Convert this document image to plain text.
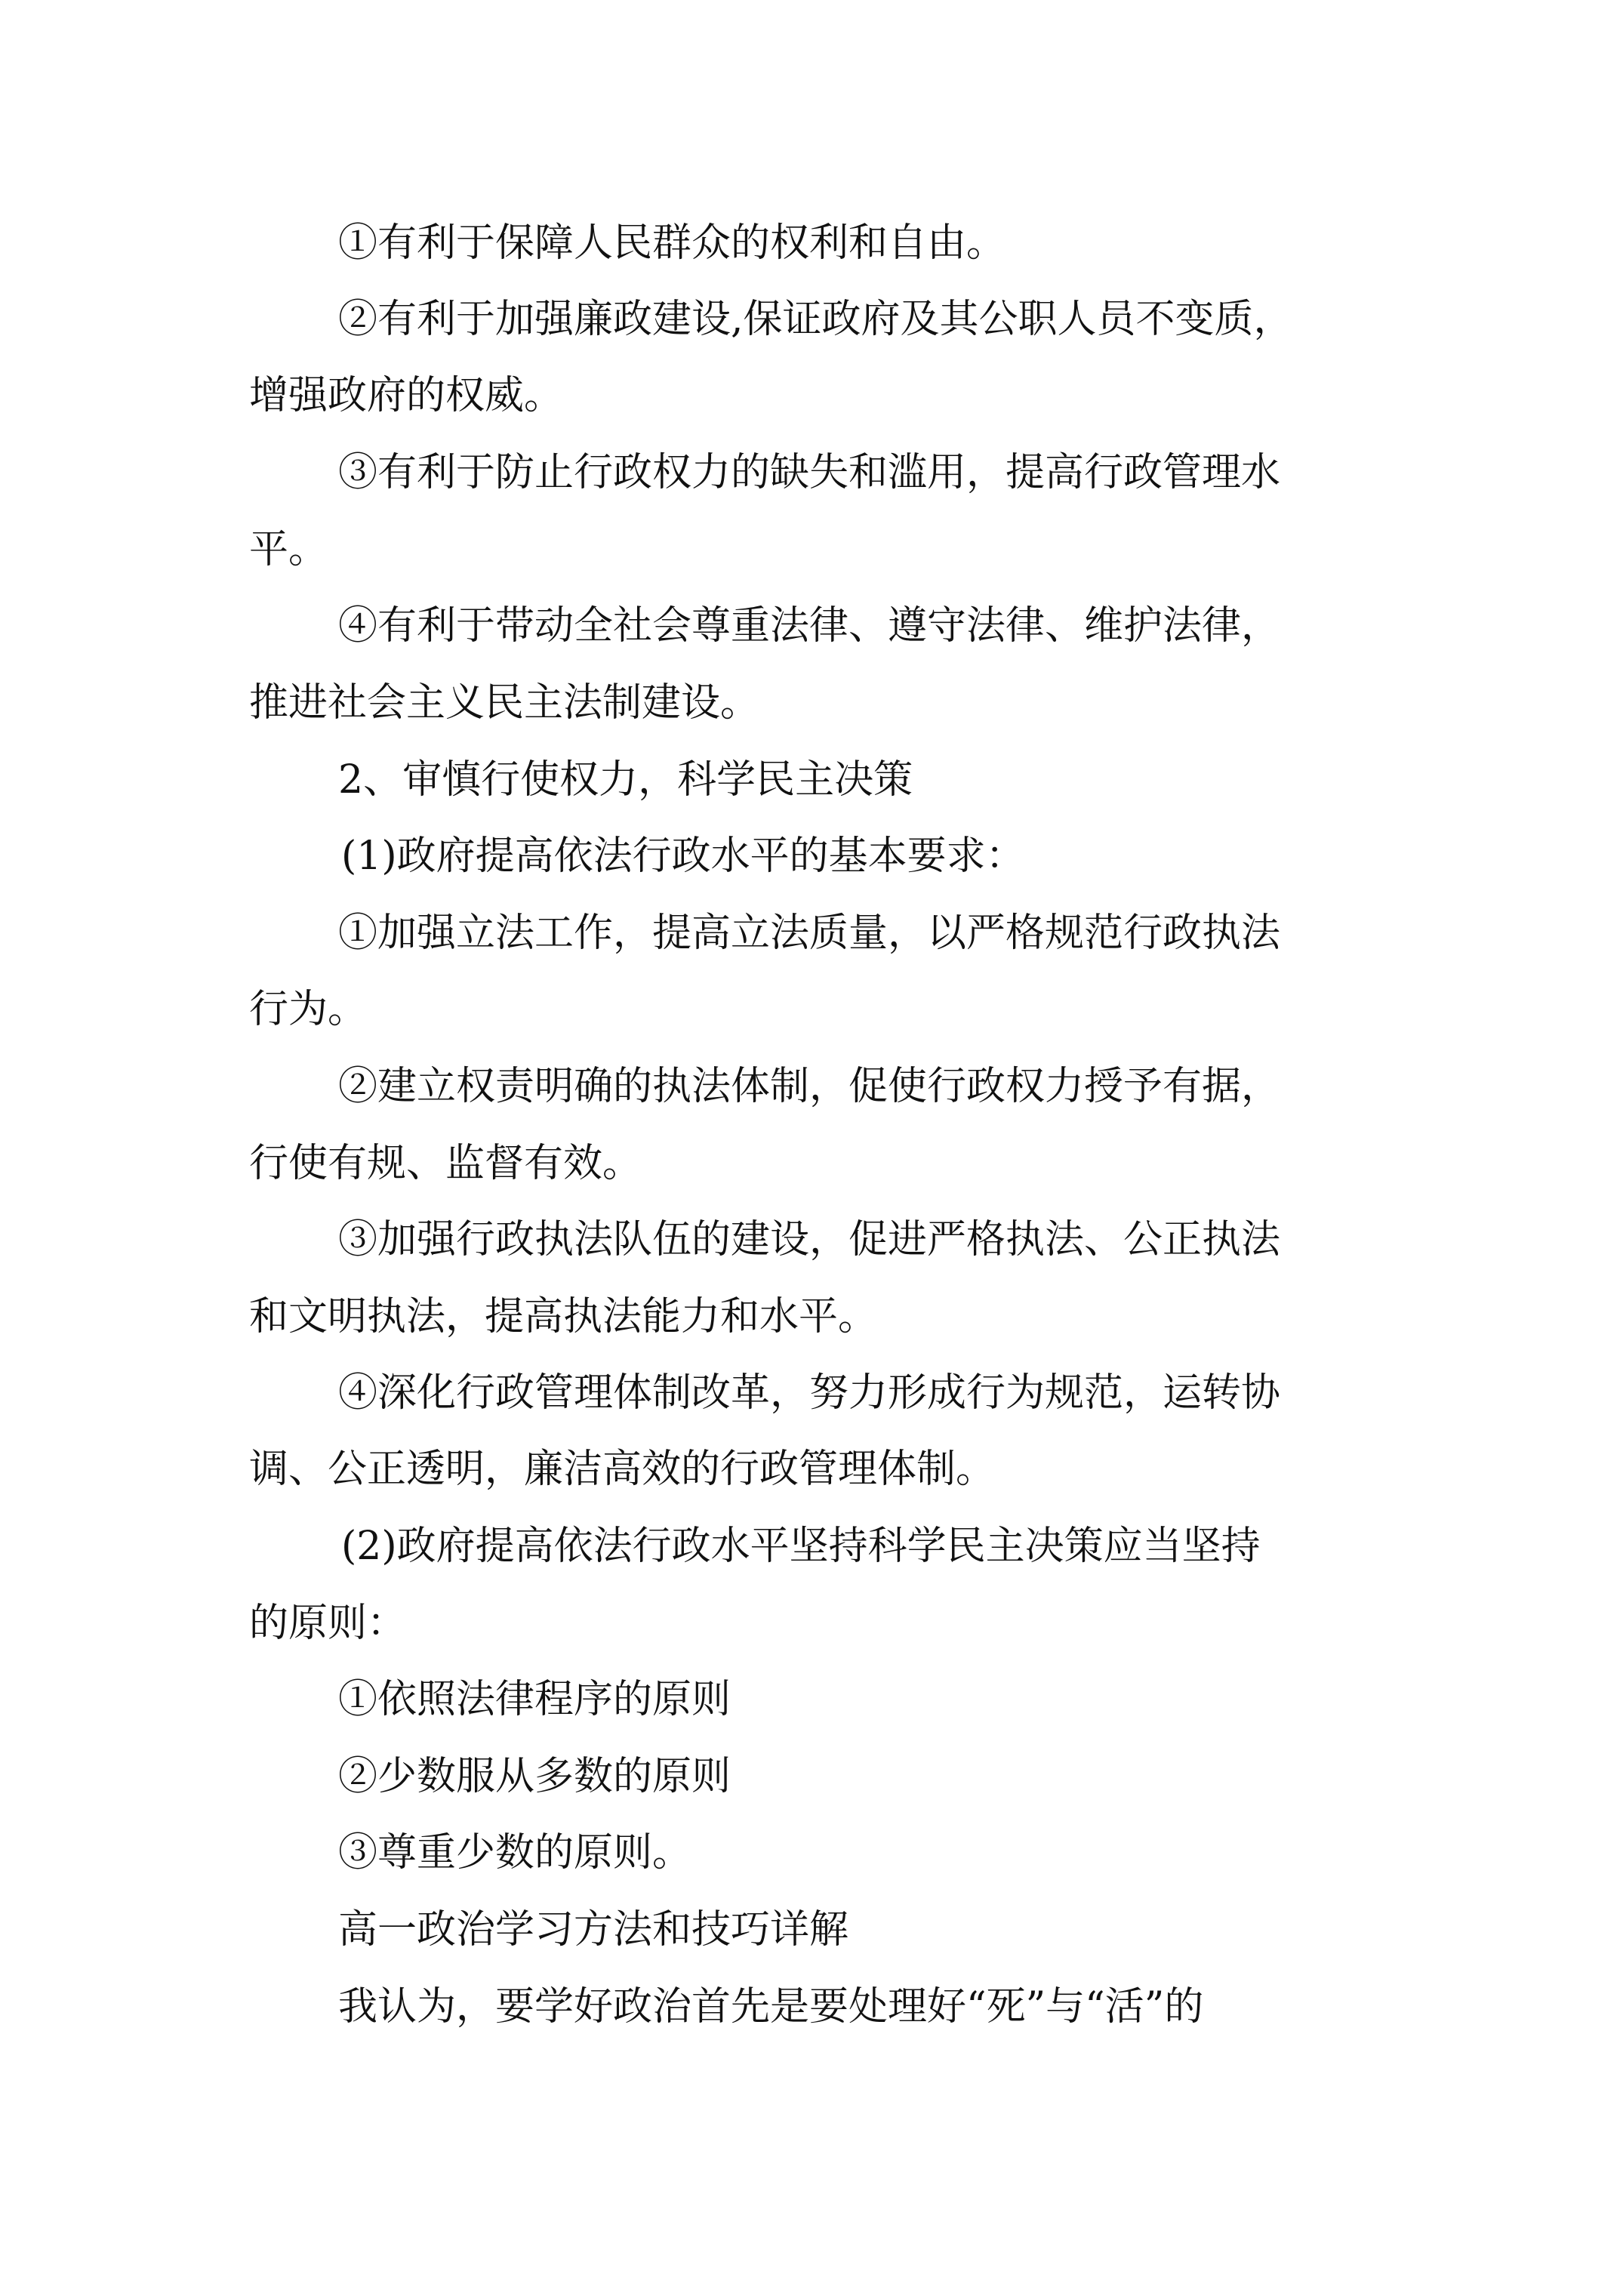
①有利于保障人民群众的权利和自由。
②有利于加强廉政建设,保证政府及其公职人员不变质，
增强政府的权威。
③有利于防止行政权力的缺失和滥用，提高行政管理水
平。
④有利于带动全社会尊重法律、遵守法律、维护法律，
推进社会主义民主法制建设。
2、审慎行使权力，科学民主决策
(1)政府提高依法行政水平的基本要求：
①加强立法工作，提高立法质量，以严格规范行政执法
行为。
②建立权责明确的执法体制，促使行政权力授予有据，
行使有规、监督有效。
③加强行政执法队伍的建设，促进严格执法、公正执法
和文明执法，提高执法能力和水平。
④深化行政管理体制改革，努力形成行为规范，运转协
调、公正透明，廉洁高效的行政管理体制。
(2)政府提高依法行政水平坚持科学民主决策应当坚持
的原则：
①依照法律程序的原则
②少数服从多数的原则
③尊重少数的原则。
高一政治学习方法和技巧详解
我认为，要学好政治首先是要处理好“死”与“活”的
